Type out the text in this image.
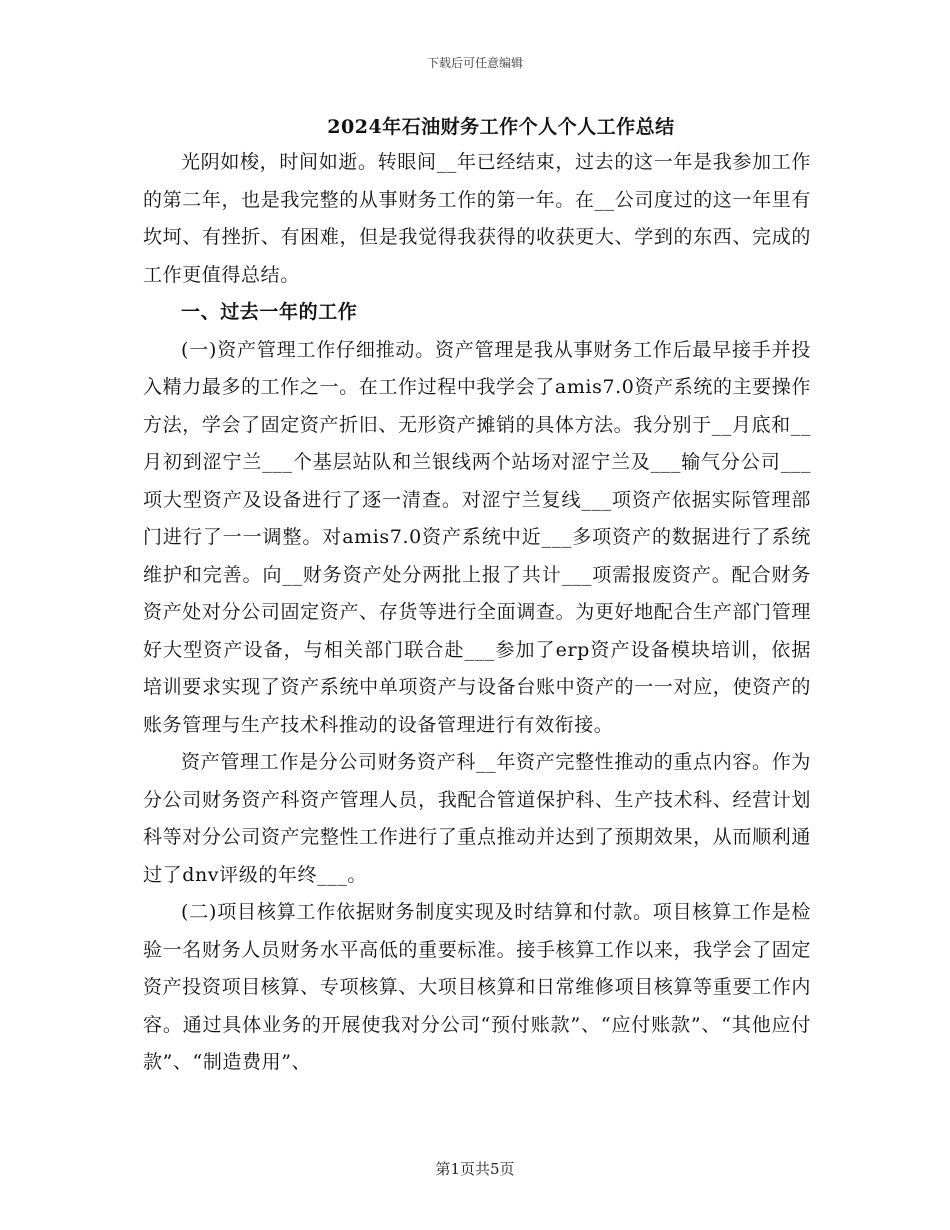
下载后可任意编辑
2024年石油财务工作个人个人工作总结

光阴如梭，时间如逝。转眼间__年已经结束，过去的这一年是我参加工作的第二年，也是我完整的从事财务工作的第一年。在__公司度过的这一年里有坎坷、有挫折、有困难，但是我觉得我获得的收获更大、学到的东西、完成的工作更值得总结。

一、过去一年的工作

(一)资产管理工作仔细推动。资产管理是我从事财务工作后最早接手并投入精力最多的工作之一。在工作过程中我学会了amis7.0资产系统的主要操作方法，学会了固定资产折旧、无形资产摊销的具体方法。我分别于__月底和__月初到涩宁兰___个基层站队和兰银线两个站场对涩宁兰及___输气分公司___项大型资产及设备进行了逐一清查。对涩宁兰复线___项资产依据实际管理部门进行了一一调整。对amis7.0资产系统中近___多项资产的数据进行了系统维护和完善。向__财务资产处分两批上报了共计___项需报废资产。配合财务资产处对分公司固定资产、存货等进行全面调查。为更好地配合生产部门管理好大型资产设备，与相关部门联合赴___参加了erp资产设备模块培训，依据培训要求实现了资产系统中单项资产与设备台账中资产的一一对应，使资产的账务管理与生产技术科推动的设备管理进行有效衔接。

资产管理工作是分公司财务资产科__年资产完整性推动的重点内容。作为分公司财务资产科资产管理人员，我配合管道保护科、生产技术科、经营计划科等对分公司资产完整性工作进行了重点推动并达到了预期效果，从而顺利通过了dnv评级的年终___。

(二)项目核算工作依据财务制度实现及时结算和付款。项目核算工作是检验一名财务人员财务水平高低的重要标准。接手核算工作以来，我学会了固定资产投资项目核算、专项核算、大项目核算和日常维修项目核算等重要工作内容。通过具体业务的开展使我对分公司“预付账款”、“应付账款”、“其他应付款”、“制造费用”、

第1页共5页
